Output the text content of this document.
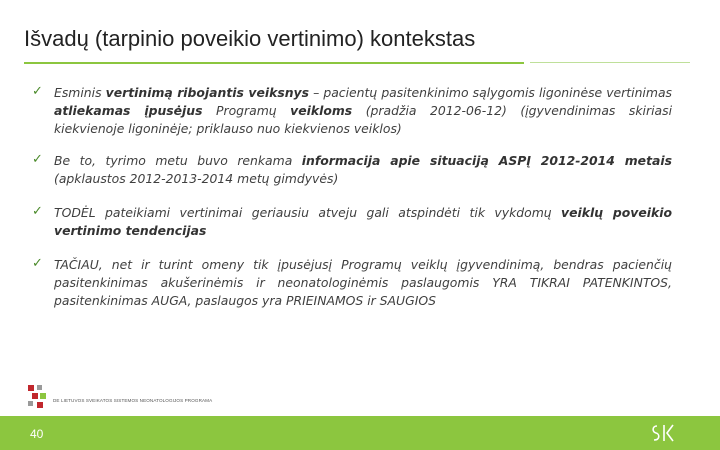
Išvadų (tarpinio poveikio vertinimo) kontekstas
✓ Esminis vertinimą ribojantis veiksnys – pacientų pasitenkinimo sąlygomis ligoninėse vertinimas atliekamas įpusėjus Programų veikloms (pradžia 2012-06-12) (įgyvendinimas skiriasi kiekvienoje ligoninėje; priklauso nuo kiekvienos veiklos)

✓ Be to, tyrimo metu buvo renkama informacija apie situaciją ASPĮ 2012-2014 metais (apklaustos 2012-2013-2014 metų gimdyvės)

✓ TODĖL pateikiami vertinimai geriausiu atveju gali atspindėti tik vykdomų veiklų poveikio vertinimo tendencijas

✓ TAČIAU, net ir turint omeny tik įpusėjusį Programų veiklų įgyvendinimą, bendras pacienčių pasitenkinimas akušerinėmis ir neonatologinėmis paslaugomis YRA TIKRAI PATENKINTOS, pasitenkinimas AUGA, paslaugos yra PRIEINAMOS ir SAUGIOS

DE LIETUVOS SVEIKATOS SISTEMOS NEONATOLOGIJOS PROGRAMA
40
